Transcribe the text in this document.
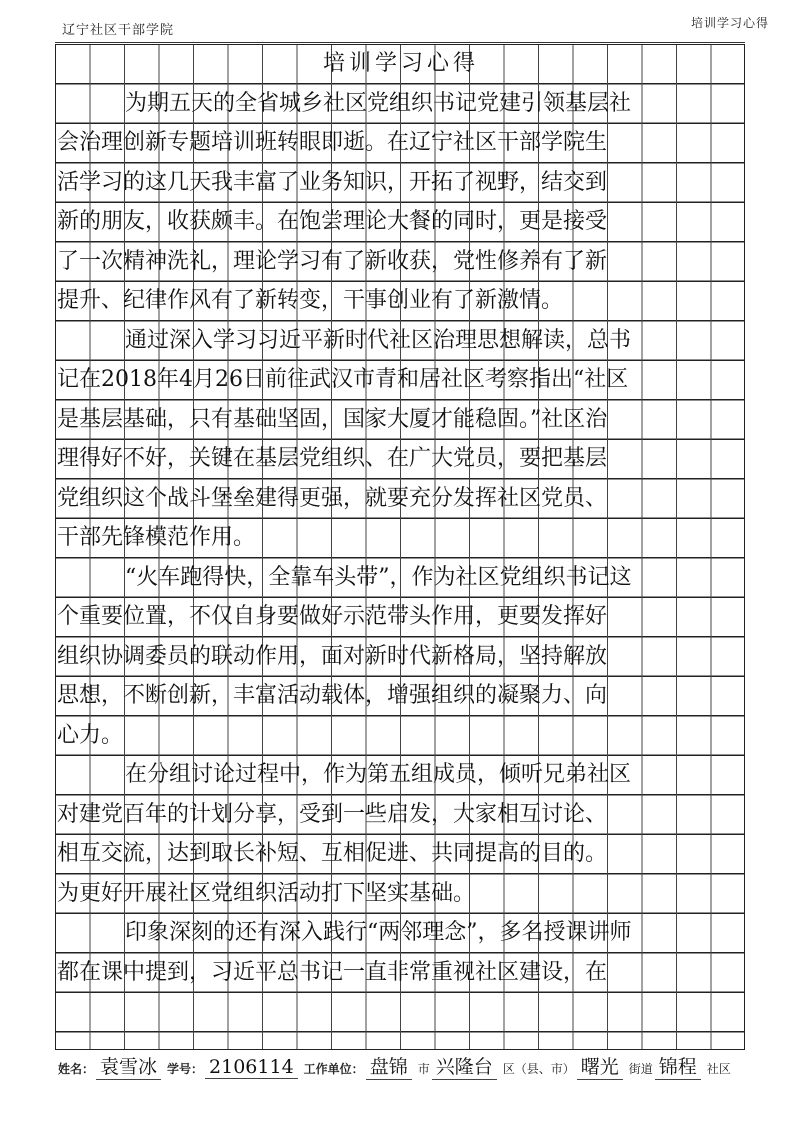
辽宁社区干部学院	培训学习心得
培训学习心得
为期五天的全省城乡社区党组织书记党建引领基层社
会治理创新专题培训班转眼即逝。在辽宁社区干部学院生
活学习的这几天我丰富了业务知识，开拓了视野，结交到
新的朋友，收获颇丰。在饱尝理论大餐的同时，更是接受
了一次精神洗礼，理论学习有了新收获，党性修养有了新
提升、纪律作风有了新转变，干事创业有了新激情。
通过深入学习习近平新时代社区治理思想解读，总书
记在2018年4月26日前往武汉市青和居社区考察指出“社区
是基层基础，只有基础坚固，国家大厦才能稳固。”社区治
理得好不好，关键在基层党组织、在广大党员，要把基层
党组织这个战斗堡垒建得更强，就要充分发挥社区党员、
干部先锋模范作用。
“火车跑得快，全靠车头带”，作为社区党组织书记这
个重要位置，不仅自身要做好示范带头作用，更要发挥好
组织协调委员的联动作用，面对新时代新格局，坚持解放
思想，不断创新，丰富活动载体，增强组织的凝聚力、向
心力。
在分组讨论过程中，作为第五组成员，倾听兄弟社区
对建党百年的计划分享，受到一些启发，大家相互讨论、
相互交流，达到取长补短、互相促进、共同提高的目的。
为更好开展社区党组织活动打下坚实基础。
印象深刻的还有深入践行“两邻理念”，多名授课讲师
都在课中提到，习近平总书记一直非常重视社区建设，在
姓名： 袁雪冰 学号： 2106114 工作单位： 盘锦 市 兴隆台 区（县、市） 曙光 街道 锦程 社区
